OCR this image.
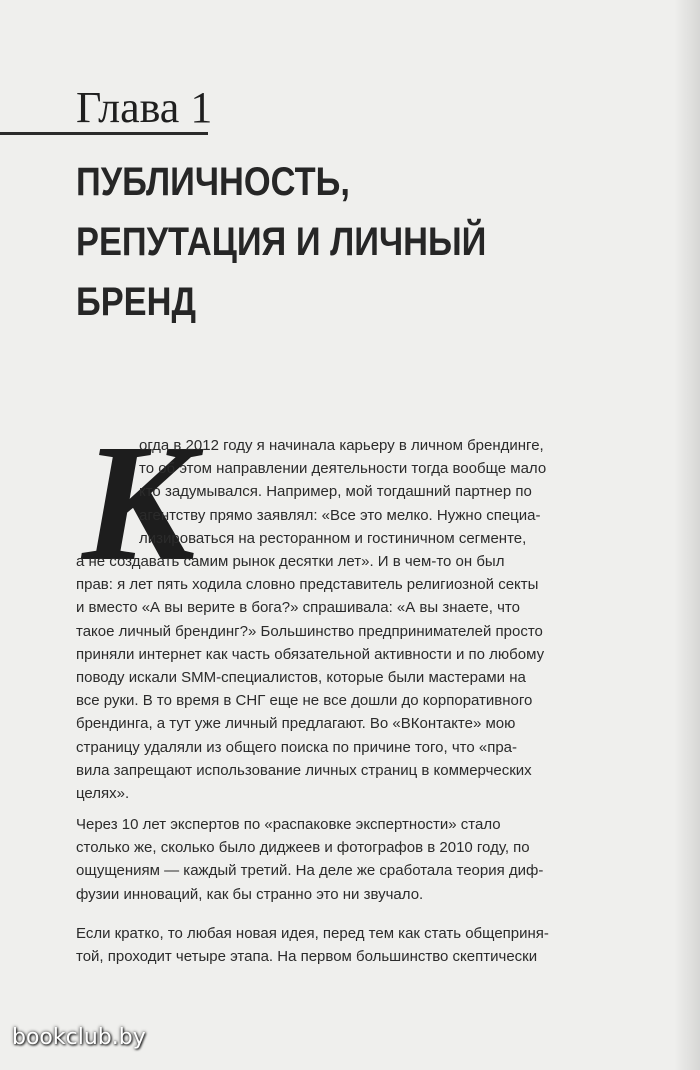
Глава 1
ПУБЛИЧНОСТЬ,
РЕПУТАЦИЯ И ЛИЧНЫЙ
БРЕНД
К

огда в 2012 году я начинала карьеру в личном брендинге,
то об этом направлении деятельности тогда вообще мало
кто задумывался. Например, мой тогдашний партнер по
агентству прямо заявлял: «Все это мелко. Нужно специа-
лизироваться на ресторанном и гостиничном сегменте,
а не создавать самим рынок десятки лет». И в чем-то он был
прав: я лет пять ходила словно представитель религиозной секты
и вместо «А вы верите в бога?» спрашивала: «А вы знаете, что
такое личный брендинг?» Большинство предпринимателей просто
приняли интернет как часть обязательной активности и по любому
поводу искали SMM-специалистов, которые были мастерами на
все руки. В то время в СНГ еще не все дошли до корпоративного
брендинга, а тут уже личный предлагают. Во «ВКонтакте» мою
страницу удаляли из общего поиска по причине того, что «пра-
вила запрещают использование личных страниц в коммерческих
целях».

Через 10 лет экспертов по «распаковке экспертности» стало
столько же, сколько было диджеев и фотографов в 2010 году, по
ощущениям — каждый третий. На деле же сработала теория диф-
фузии инноваций, как бы странно это ни звучало.

Если кратко, то любая новая идея, перед тем как стать общеприня-
той, проходит четыре этапа. На первом большинство скептически

bookclub.by
